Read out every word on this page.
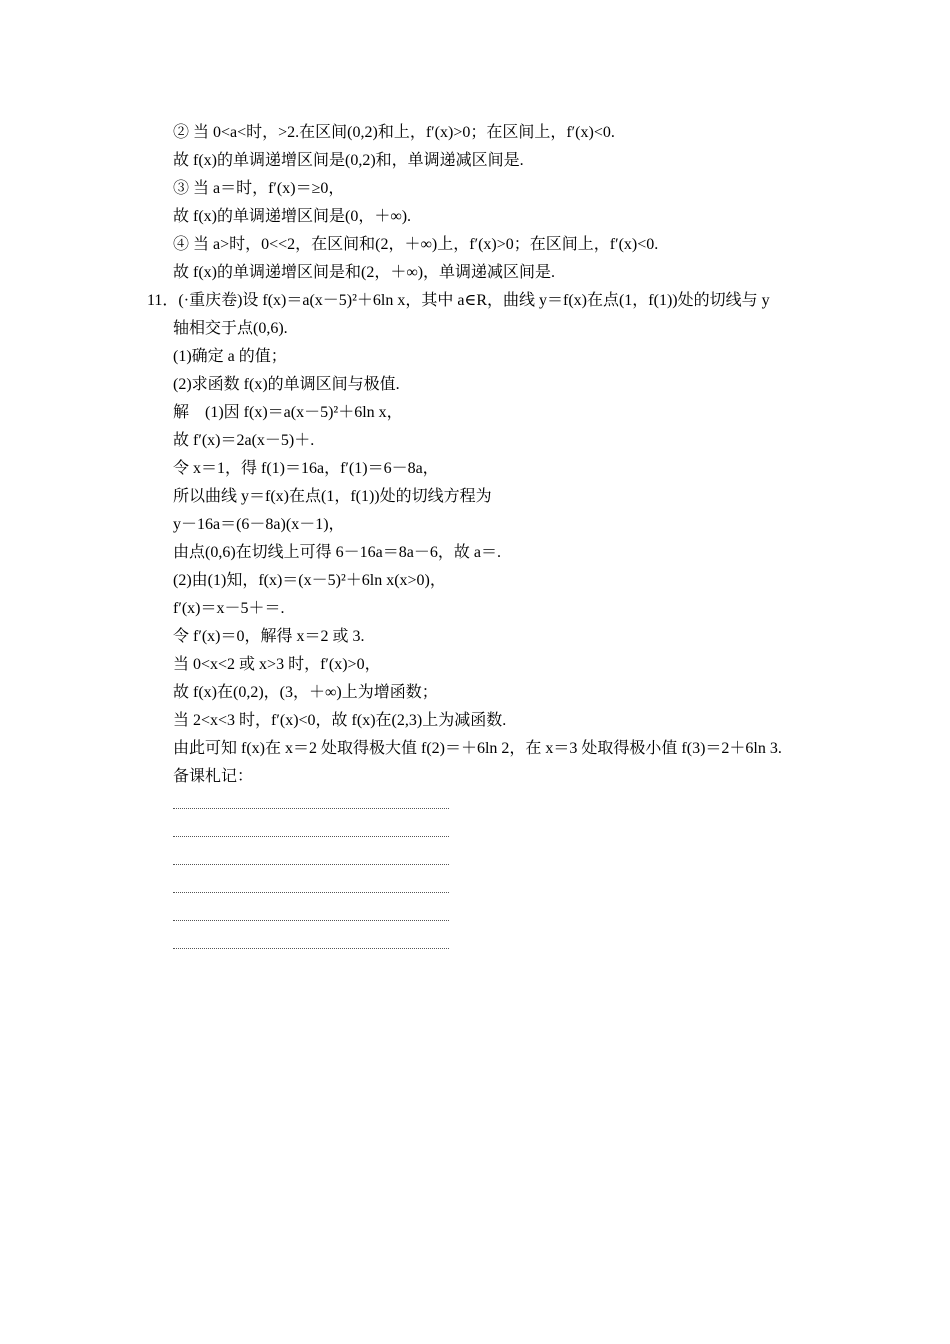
② 当 0<a<时，>2.在区间(0,2)和上，f′(x)>0；在区间上，f′(x)<0.
故 f(x)的单调递增区间是(0,2)和，单调递减区间是.
③ 当 a＝时，f′(x)＝≥0，
故 f(x)的单调递增区间是(0，＋∞).
④ 当 a>时，0<<2，在区间和(2，＋∞)上，f′(x)>0；在区间上，f′(x)<0.
故 f(x)的单调递增区间是和(2，＋∞)，单调递减区间是.
11．(·重庆卷)设 f(x)＝a(x－5)²＋6ln x，其中 a∈R，曲线 y＝f(x)在点(1，f(1))处的切线与 y
轴相交于点(0,6).
(1)确定 a 的值；
(2)求函数 f(x)的单调区间与极值.
解　(1)因 f(x)＝a(x－5)²＋6ln x，
故 f′(x)＝2a(x－5)＋.
令 x＝1，得 f(1)＝16a，f′(1)＝6－8a，
所以曲线 y＝f(x)在点(1，f(1))处的切线方程为
y－16a＝(6－8a)(x－1)，
由点(0,6)在切线上可得 6－16a＝8a－6，故 a＝.
(2)由(1)知，f(x)＝(x－5)²＋6ln x(x>0)，
f′(x)＝x－5＋＝.
令 f′(x)＝0，解得 x＝2 或 3.
当 0<x<2 或 x>3 时，f′(x)>0，
故 f(x)在(0,2)，(3，＋∞)上为增函数；
当 2<x<3 时，f′(x)<0，故 f(x)在(2,3)上为减函数.
由此可知 f(x)在 x＝2 处取得极大值 f(2)＝＋6ln 2，在 x＝3 处取得极小值 f(3)＝2＋6ln 3.
备课札记：
